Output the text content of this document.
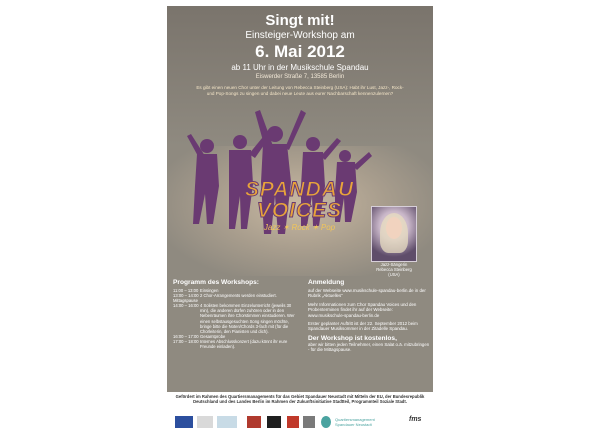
Singt mit!
Einsteiger-Workshop am
6. Mai 2012
ab 11 Uhr in der Musikschule Spandau
Eiswerder Straße 7, 13585 Berlin
Es gibt einen neuen Chor unter der Leitung von Rebecca Steinberg (USA): Habt ihr Lust, Jazz-, Rock- und Pop-Songs zu singen und dabei neue Leute aus eurer Nachbarschaft kennenzulernen?
SPANDAU
VOICES
Jazz ✶ Rock ✶ Pop
Jazz-Sängerin
Rebecca Steinberg
(USA)
Programm des Workshops:
11:00 – 13:00 Einsingen
13:00 – 14:00 2 Chor-Arrangements werden einstudiert.
Mittagspause
14:00 – 16:00 4 Solisten bekommen Einzelunterricht (jeweils 30 min), die anderen dürfen zuhören oder in den Nebenräumen ihre Chorstimmen einstudieren. Wer einen selbstausgesuchten Song singen möchte, bringe bitte die Noten/Chords 3-fach mit (für die Chorleiterin, den Pianisten und dich).
16:00 – 17:00 Gesamtprobe
17:00 – 18:00 Internes Abschlusskonzert (dazu könnt ihr eure Freunde einladen).
Anmeldung
auf der Webseite www.musikschule-spandau-berlin.de in der Rubrik „Aktuelles“
Mehr Informationen zum Chor Spandau Voices und den Probenterminen findet ihr auf der Webseite: www.musikschule-spandau-berlin.de
Erster geplanter Auftritt ist der 22. September 2012 beim Spandauer Musiksommer in der Zitadelle Spandau.
Der Workshop ist kostenlos,
aber wir bitten jeden Teilnehmer, einen Salat o.ä. mitzubringen - für die Mittagspause.
Gefördert im Rahmen des Quartiersmanagements für das Gebiet Spandauer Neustadt mit Mitteln der EU, der Bundesrepublik Deutschland und des Landes Berlin im Rahmen der Zukunftsinitiative Stadtteil, Programmteil Soziale Stadt.
Quartiersmanagement
Spandauer Neustadt
fms
